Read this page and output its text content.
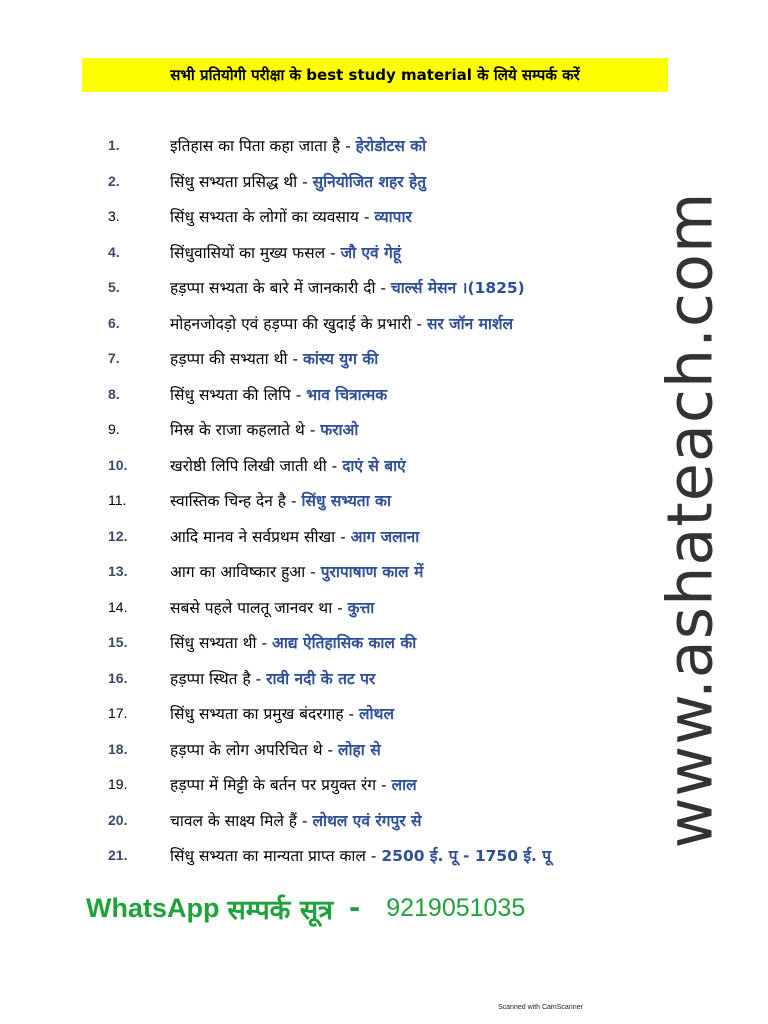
सभी प्रतियोगी परीक्षा के best study material के लिये सम्पर्क करें
1.	इतिहास का पिता कहा जाता है - हेरोडोटस को
2.	सिंधु सभ्यता प्रसिद्ध थी - सुनियोजित शहर हेतु
3.	सिंधु सभ्यता के लोगों का व्यवसाय - व्यापार
4.	सिंधुवासियों का मुख्य फसल - जौ एवं गेहूं
5.	हड़प्पा सभ्यता के बारे में जानकारी दी - चार्ल्स मेसन ।(1825)
6.	मोहनजोदड़ो एवं हड़प्पा की खुदाई के प्रभारी - सर जॉन मार्शल
7.	हड़प्पा की सभ्यता थी - कांस्य युग की
8.	सिंधु सभ्यता की लिपि - भाव चित्रात्मक
9.	मिस्र के राजा कहलाते थे - फराओ
10.	खरोष्ठी लिपि लिखी जाती थी - दाएं से बाएं
11.	स्वास्तिक चिन्ह देन है - सिंधु सभ्यता का
12.	आदि मानव ने सर्वप्रथम सीखा - आग जलाना
13.	आग का आविष्कार हुआ - पुरापाषाण काल में
14.	सबसे पहले पालतू जानवर था - कुत्ता
15.	सिंधु सभ्यता थी - आद्य ऐतिहासिक काल की
16.	हड़प्पा स्थित है - रावी नदी के तट पर
17.	सिंधु सभ्यता का प्रमुख बंदरगाह - लोथल
18.	हड़प्पा के लोग अपरिचित थे - लोहा से
19.	हड़प्पा में मिट्टी के बर्तन पर प्रयुक्त रंग - लाल
20.	चावल के साक्ष्य मिले हैं - लोथल एवं रंगपुर से
21.	सिंधु सभ्यता का मान्यता प्राप्त काल - 2500 ई. पू - 1750 ई. पू
www.ashateach.com
WhatsApp सम्पर्क सूत्र - 9219051035
Scanned with CamScanner
